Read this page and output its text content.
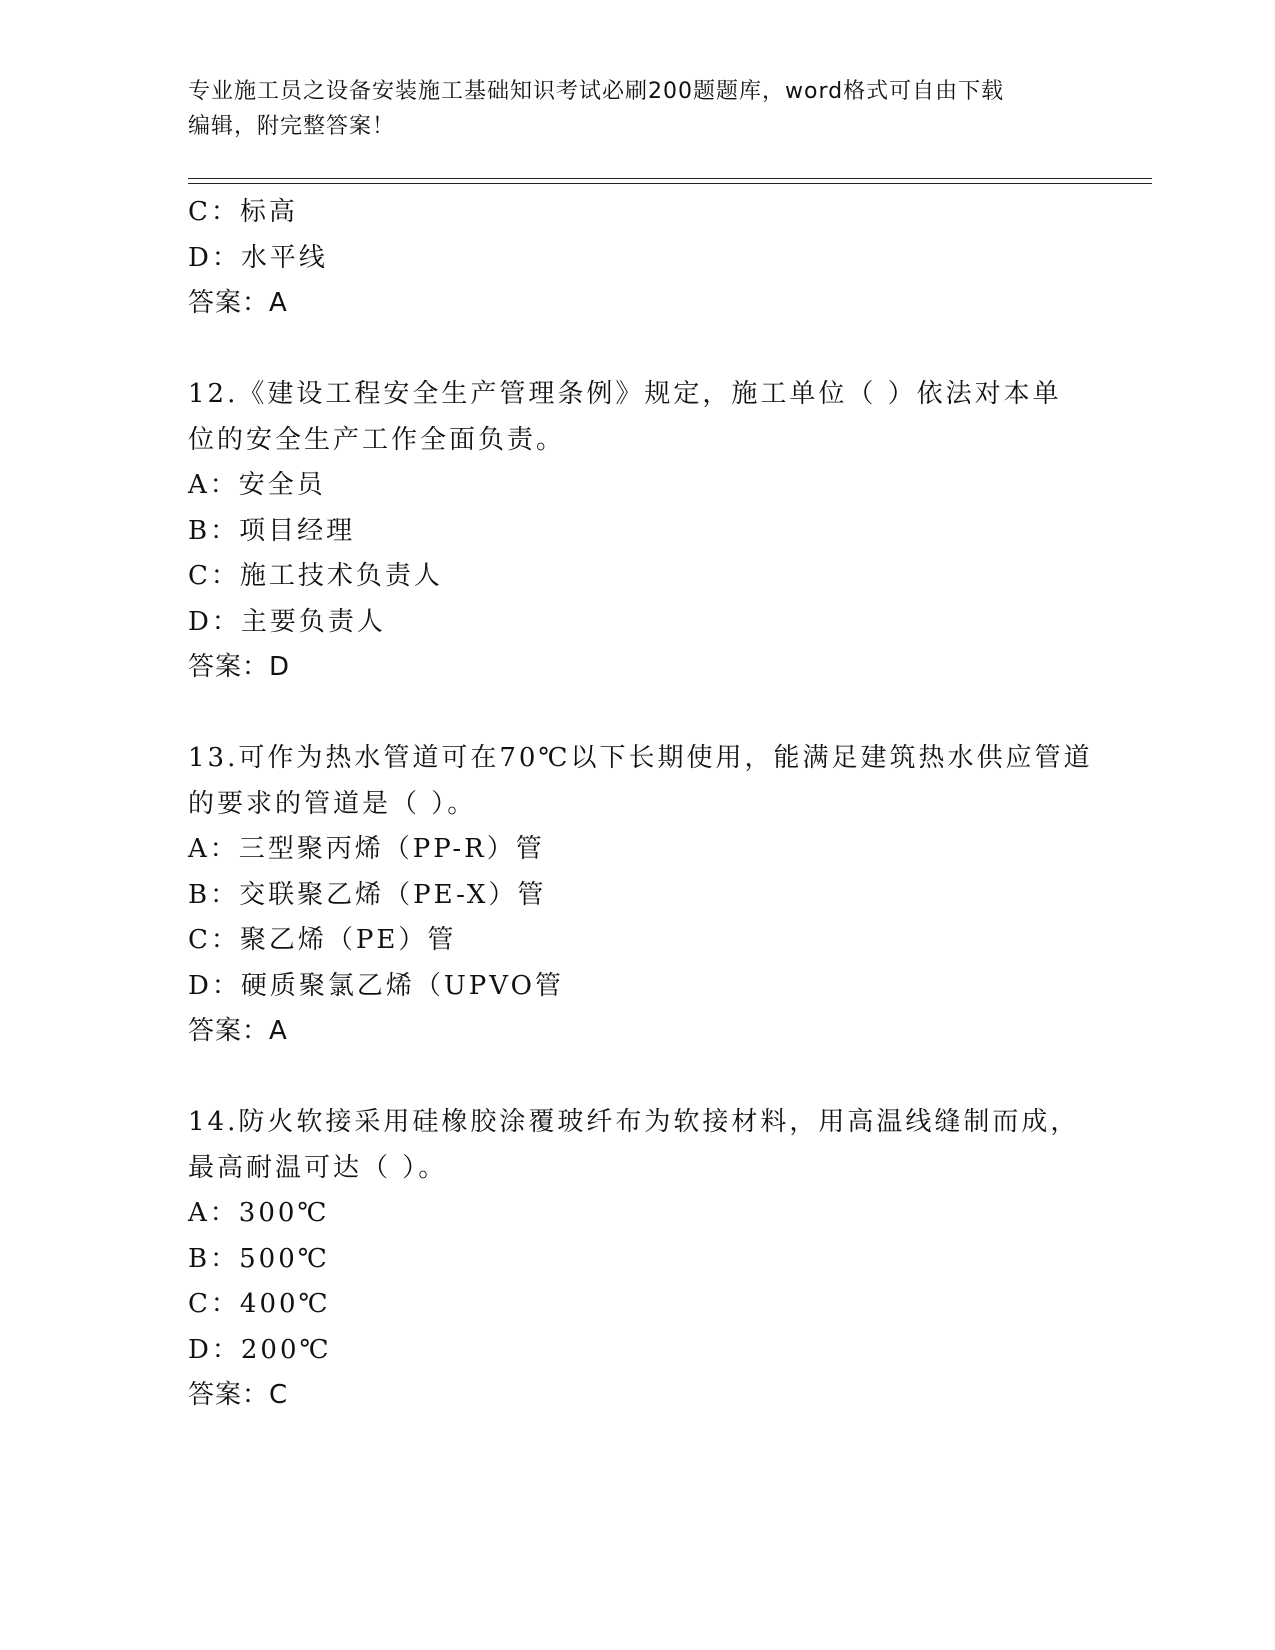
专业施工员之设备安装施工基础知识考试必刷200题题库，word格式可自由下载
编辑，附完整答案！
C：标高
D：水平线
答案：A
12.《建设工程安全生产管理条例》规定，施工单位（ ）依法对本单
位的安全生产工作全面负责。
A：安全员
B：项目经理
C：施工技术负责人
D：主要负责人
答案：D
13.可作为热水管道可在70℃以下长期使用，能满足建筑热水供应管道
的要求的管道是（ ）。
A：三型聚丙烯（PP-R）管
B：交联聚乙烯（PE-X）管
C：聚乙烯（PE）管
D：硬质聚氯乙烯（UPVO管
答案：A
14.防火软接采用硅橡胶涂覆玻纤布为软接材料，用高温线缝制而成，
最高耐温可达（ ）。
A：300℃
B：500℃
C：400℃
D：200℃
答案：C
